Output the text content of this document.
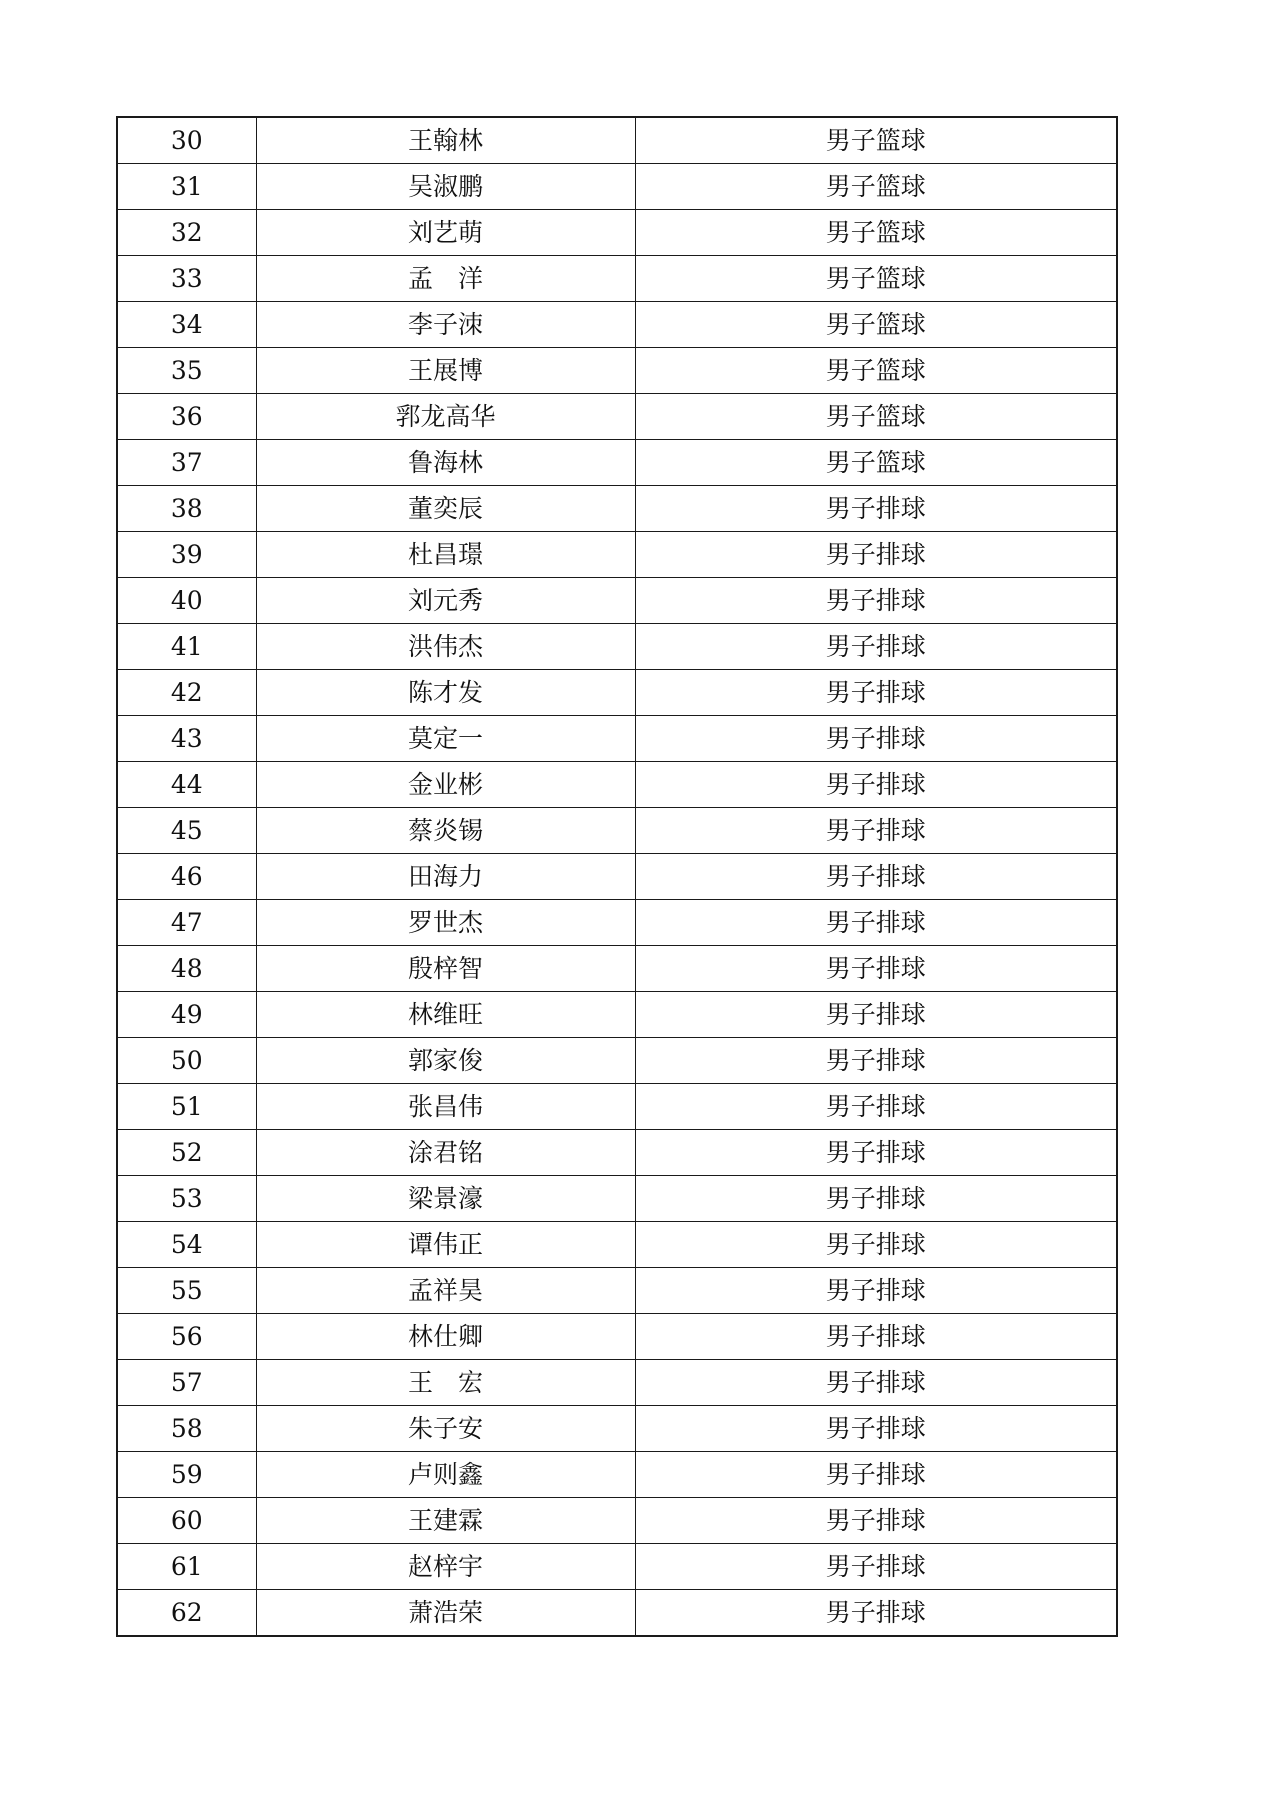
30	王翰林	男子篮球
31	吴淑鹏	男子篮球
32	刘艺萌	男子篮球
33	孟　洋	男子篮球
34	李子洓	男子篮球
35	王展博	男子篮球
36	郛龙高华	男子篮球
37	鲁海林	男子篮球
38	董奕辰	男子排球
39	杜昌璟	男子排球
40	刘元秀	男子排球
41	洪伟杰	男子排球
42	陈才发	男子排球
43	莫定一	男子排球
44	金业彬	男子排球
45	蔡炎锡	男子排球
46	田海力	男子排球
47	罗世杰	男子排球
48	殷梓智	男子排球
49	林维旺	男子排球
50	郭家俊	男子排球
51	张昌伟	男子排球
52	涂君铭	男子排球
53	梁景濠	男子排球
54	谭伟正	男子排球
55	孟祥昊	男子排球
56	林仕卿	男子排球
57	王　宏	男子排球
58	朱子安	男子排球
59	卢则鑫	男子排球
60	王建霖	男子排球
61	赵梓宇	男子排球
62	萧浩荣	男子排球
